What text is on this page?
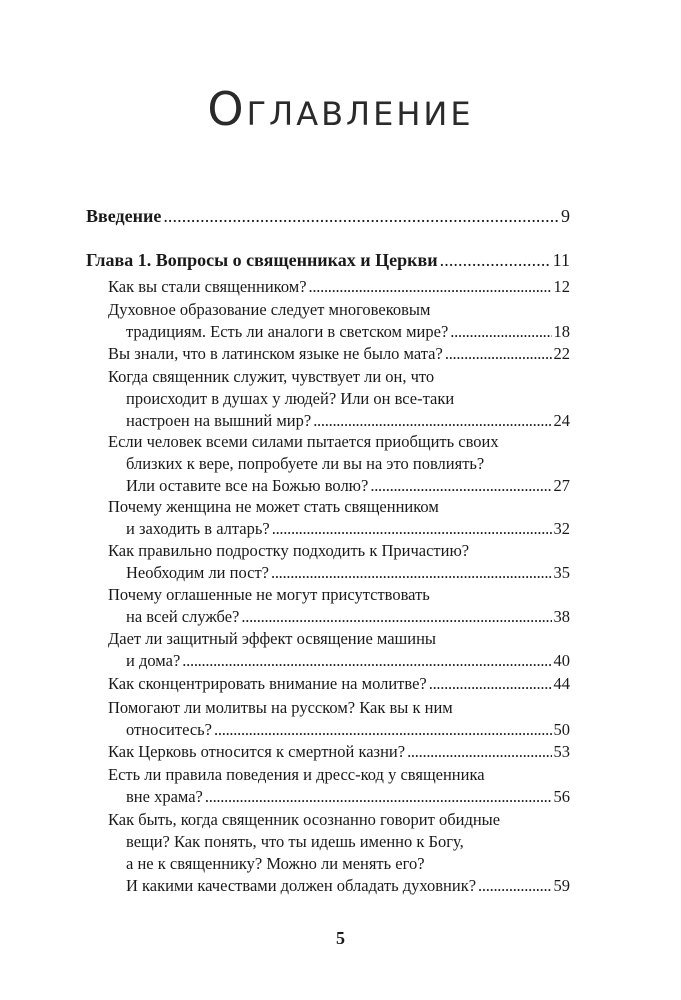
Оглавление
Введение . . .	9
Глава 1. Вопросы о священниках и Церкви . . .	11
Как вы стали священником? . . .	12
Духовное образование следует многовековым
традициям. Есть ли аналоги в светском мире? . . .	18
Вы знали, что в латинском языке не было мата? . . .	22
Когда священник служит, чувствует ли он, что
происходит в душах у людей? Или он все-таки
настроен на вышний мир? . . .	24
Если человек всеми силами пытается приобщить своих
близких к вере, попробуете ли вы на это повлиять?
Или оставите все на Божью волю? . . .	27
Почему женщина не может стать священником
и заходить в алтарь? . . .	32
Как правильно подростку подходить к Причастию?
Необходим ли пост? . . .	35
Почему оглашенные не могут присутствовать
на всей службе? . . .	38
Дает ли защитный эффект освящение машины
и дома? . . .	40
Как сконцентрировать внимание на молитве? . . .	44
Помогают ли молитвы на русском? Как вы к ним
относитесь? . . .	50
Как Церковь относится к смертной казни? . . .	53
Есть ли правила поведения и дресс-код у священника
вне храма? . . .	56
Как быть, когда священник осознанно говорит обидные
вещи? Как понять, что ты идешь именно к Богу,
а не к священнику? Можно ли менять его?
И какими качествами должен обладать духовник? . . .	59
5
